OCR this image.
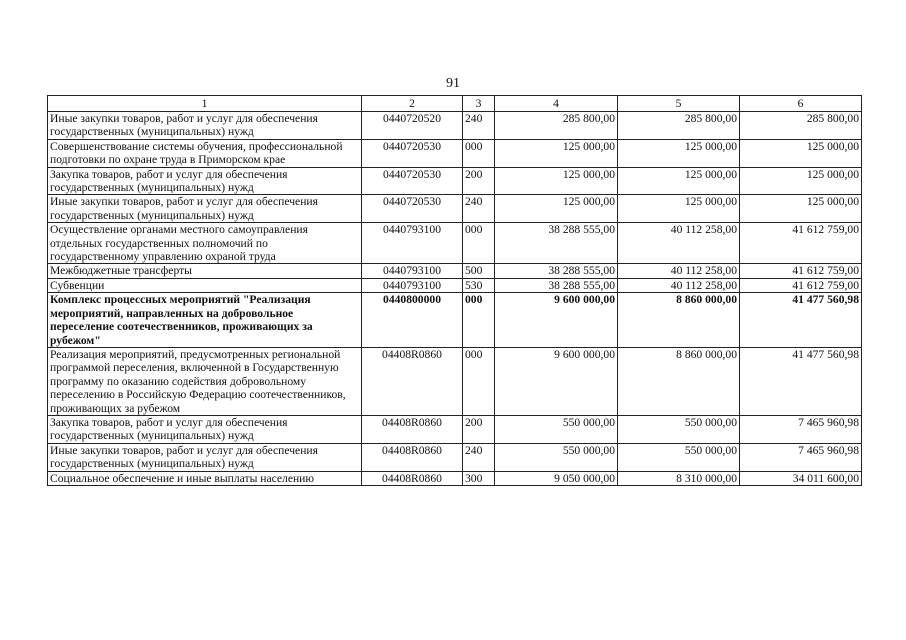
91
1	2	3	4	5	6
Иные закупки товаров, работ и услуг для обеспечения государственных (муниципальных) нужд	0440720520	240	285 800,00	285 800,00	285 800,00
Совершенствование системы обучения, профессиональной подготовки по охране труда в Приморском крае	0440720530	000	125 000,00	125 000,00	125 000,00
Закупка товаров, работ и услуг для обеспечения государственных (муниципальных) нужд	0440720530	200	125 000,00	125 000,00	125 000,00
Иные закупки товаров, работ и услуг для обеспечения государственных (муниципальных) нужд	0440720530	240	125 000,00	125 000,00	125 000,00
Осуществление органами местного самоуправления отдельных государственных полномочий по государственному управлению охраной труда	0440793100	000	38 288 555,00	40 112 258,00	41 612 759,00
Межбюджетные трансферты	0440793100	500	38 288 555,00	40 112 258,00	41 612 759,00
Субвенции	0440793100	530	38 288 555,00	40 112 258,00	41 612 759,00
Комплекс процессных мероприятий "Реализация мероприятий, направленных на добровольное переселение соотечественников, проживающих за рубежом"	0440800000	000	9 600 000,00	8 860 000,00	41 477 560,98
Реализация мероприятий, предусмотренных региональной программой переселения, включенной в Государственную программу по оказанию содействия добровольному переселению в Российскую Федерацию соотечественников, проживающих за рубежом	04408R0860	000	9 600 000,00	8 860 000,00	41 477 560,98
Закупка товаров, работ и услуг для обеспечения государственных (муниципальных) нужд	04408R0860	200	550 000,00	550 000,00	7 465 960,98
Иные закупки товаров, работ и услуг для обеспечения государственных (муниципальных) нужд	04408R0860	240	550 000,00	550 000,00	7 465 960,98
Социальное обеспечение и иные выплаты населению	04408R0860	300	9 050 000,00	8 310 000,00	34 011 600,00
